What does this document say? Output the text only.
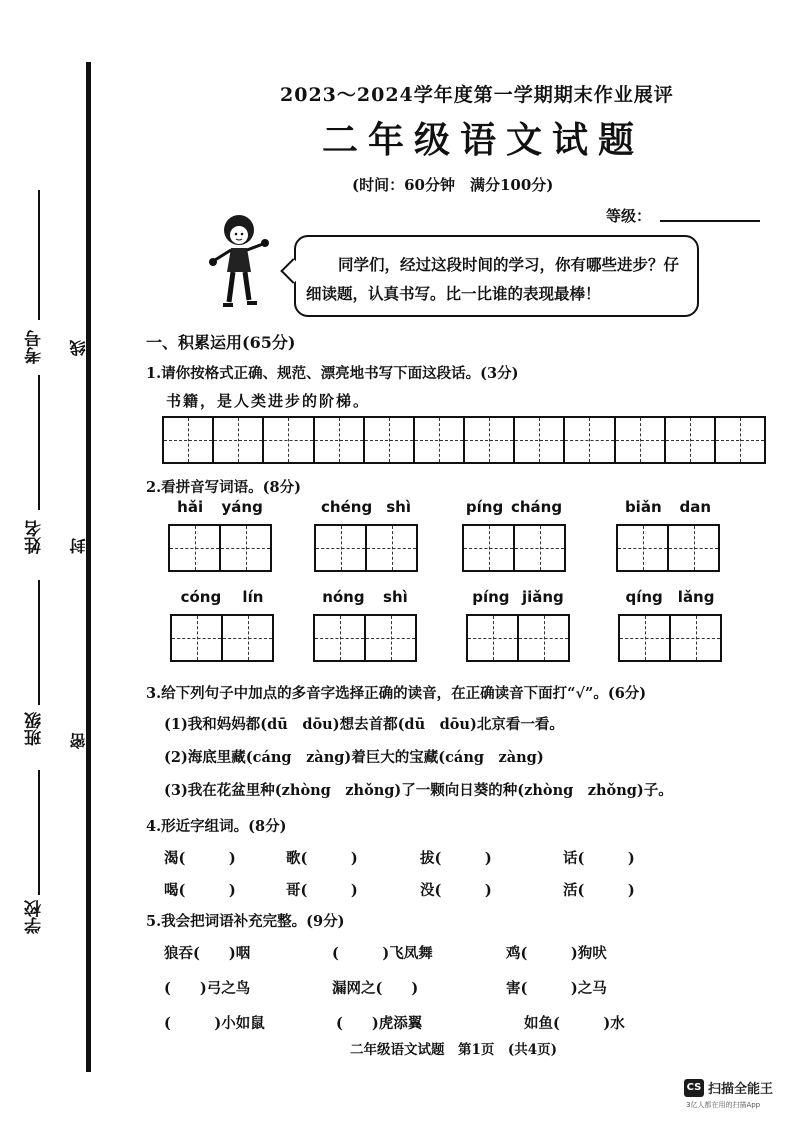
考号
姓名
班级
学校
线
封
密
2023～2024学年度第一学期期末作业展评
二年级语文试题
(时间：60分钟　满分100分)
等级：
同学们，经过这段时间的学习，你有哪些进步？仔细读题，认真书写。比一比谁的表现最棒！
一、积累运用(65分)
1.请你按格式正确、规范、漂亮地书写下面这段话。(3分)
书籍，是人类进步的阶梯。
2.看拼音写词语。(8分)
hǎi yáng	chéng shì	píng cháng	biǎn dan
cóng lín	nóng shì	píng jiǎng	qíng lǎng
3.给下列句子中加点的多音字选择正确的读音，在正确读音下面打“√”。(6分)
(1)我和妈妈都(dū　dōu)想去首都(dū　dōu)北京看一看。
(2)海底里藏(cáng　zàng)着巨大的宝藏(cáng　zàng)
(3)我在花盆里种(zhòng　zhǒng)了一颗向日葵的种(zhòng　zhǒng)子。
4.形近字组词。(8分)
渴(　　　)	歌(　　　)	拔(　　　)	话(　　　)
喝(　　　)	哥(　　　)	没(　　　)	活(　　　)
5.我会把词语补充完整。(9分)
狼吞(　　)咽	(　　　)飞凤舞	鸡(　　　)狗吠
(　　)弓之鸟	漏网之(　　)	害(　　　)之马
(　　　)小如鼠	(　　)虎添翼	如鱼(　　　)水
二年级语文试题　第1页　(共4页)
CS 扫描全能王
3亿人都在用的扫描App
